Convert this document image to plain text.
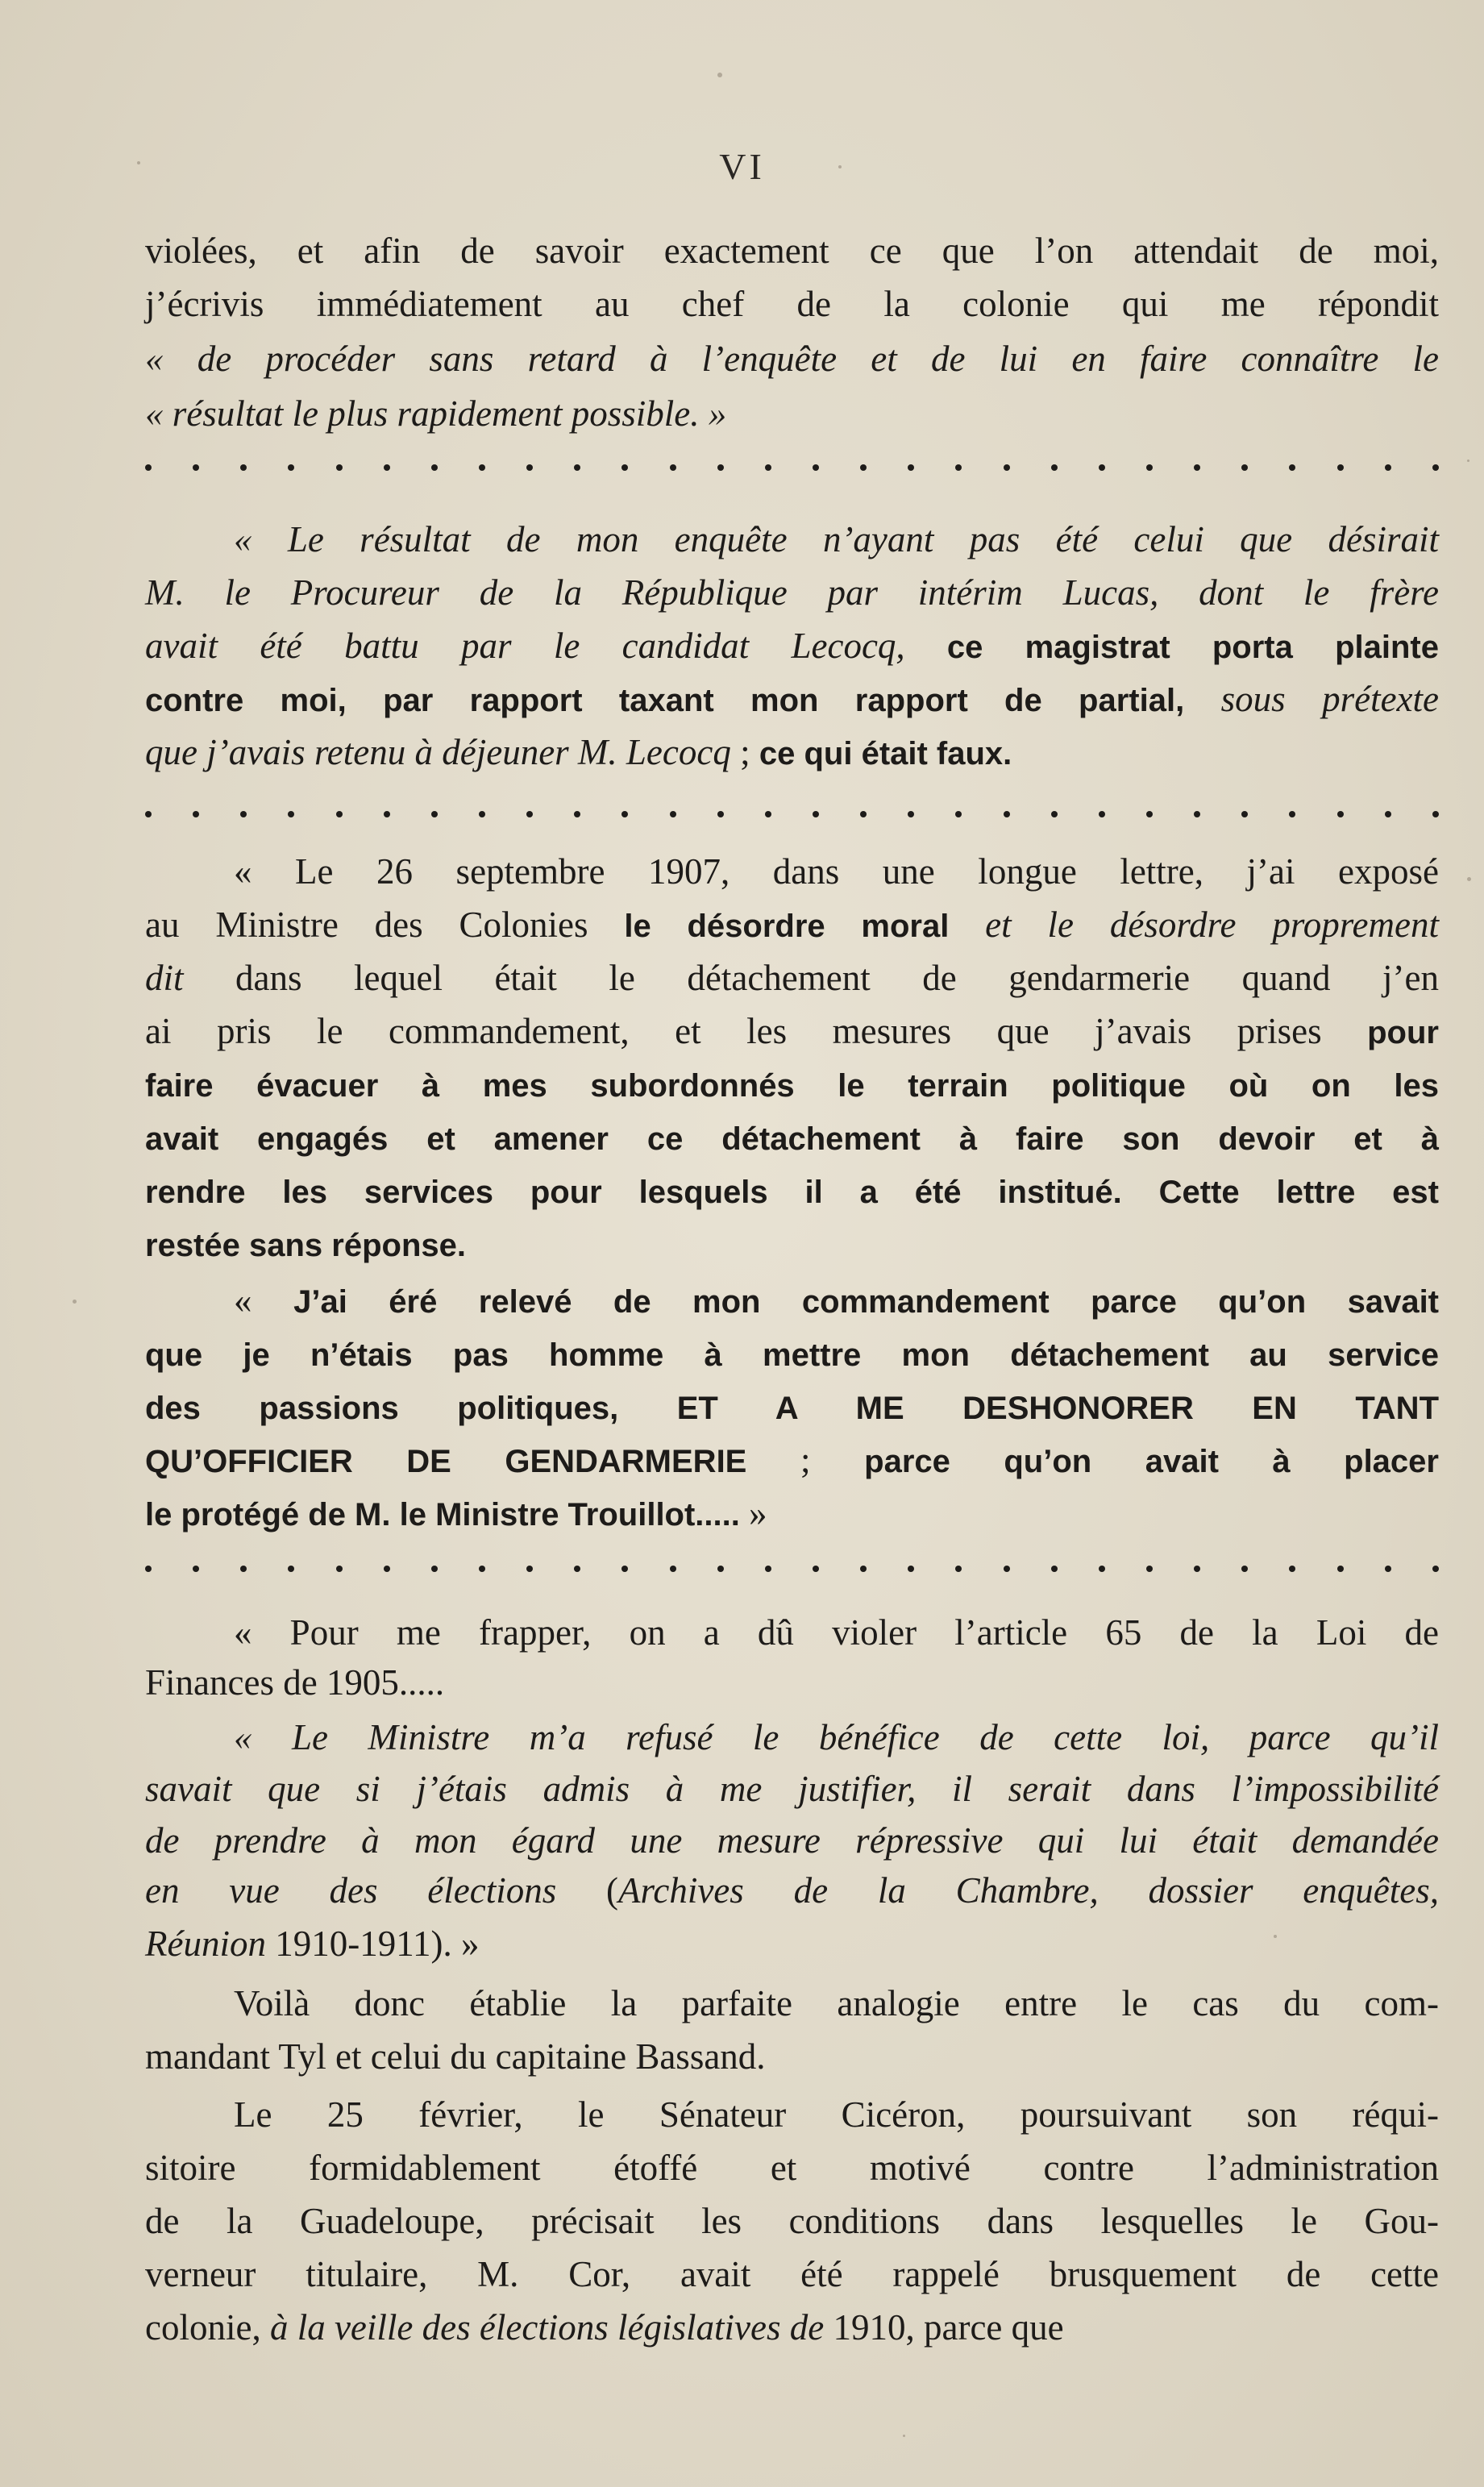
VI
violées, et afin de savoir exactement ce que l’on attendait de moi,
j’écrivis immédiatement au chef de la colonie qui me répondit
« de procéder sans retard à l’enquête et de lui en faire connaître le
« résultat le plus rapidement possible. »
« Le résultat de mon enquête n’ayant pas été celui que désirait
M. le Procureur de la République par intérim Lucas, dont le frère
avait été battu par le candidat Lecocq, ce magistrat porta plainte
contre moi, par rapport taxant mon rapport de partial, sous prétexte
que j’avais retenu à déjeuner M. Lecocq ; ce qui était faux.
« Le 26 septembre 1907, dans une longue lettre, j’ai exposé
au Ministre des Colonies le désordre moral et le désordre proprement
dit dans lequel était le détachement de gendarmerie quand j’en
ai pris le commandement, et les mesures que j’avais prises pour
faire évacuer à mes subordonnés le terrain politique où on les
avait engagés et amener ce détachement à faire son devoir et à
rendre les services pour lesquels il a été institué. Cette lettre est
restée sans réponse.
« J’ai éré relevé de mon commandement parce qu’on savait
que je n’étais pas homme à mettre mon détachement au service
des passions politiques, ET A ME DESHONORER EN TANT
QU’OFFICIER DE GENDARMERIE ; parce qu’on avait à placer
le protégé de M. le Ministre Trouillot..... »
« Pour me frapper, on a dû violer l’article 65 de la Loi de
Finances de 1905.....
« Le Ministre m’a refusé le bénéfice de cette loi, parce qu’il
savait que si j’étais admis à me justifier, il serait dans l’impossibilité
de prendre à mon égard une mesure répressive qui lui était demandée
en vue des élections (Archives de la Chambre, dossier enquêtes,
Réunion 1910-1911). »
Voilà donc établie la parfaite analogie entre le cas du com-
mandant Tyl et celui du capitaine Bassand.
Le 25 février, le Sénateur Cicéron, poursuivant son réqui-
sitoire formidablement étoffé et motivé contre l’administration
de la Guadeloupe, précisait les conditions dans lesquelles le Gou-
verneur titulaire, M. Cor, avait été rappelé brusquement de cette
colonie, à la veille des élections législatives de 1910, parce que
